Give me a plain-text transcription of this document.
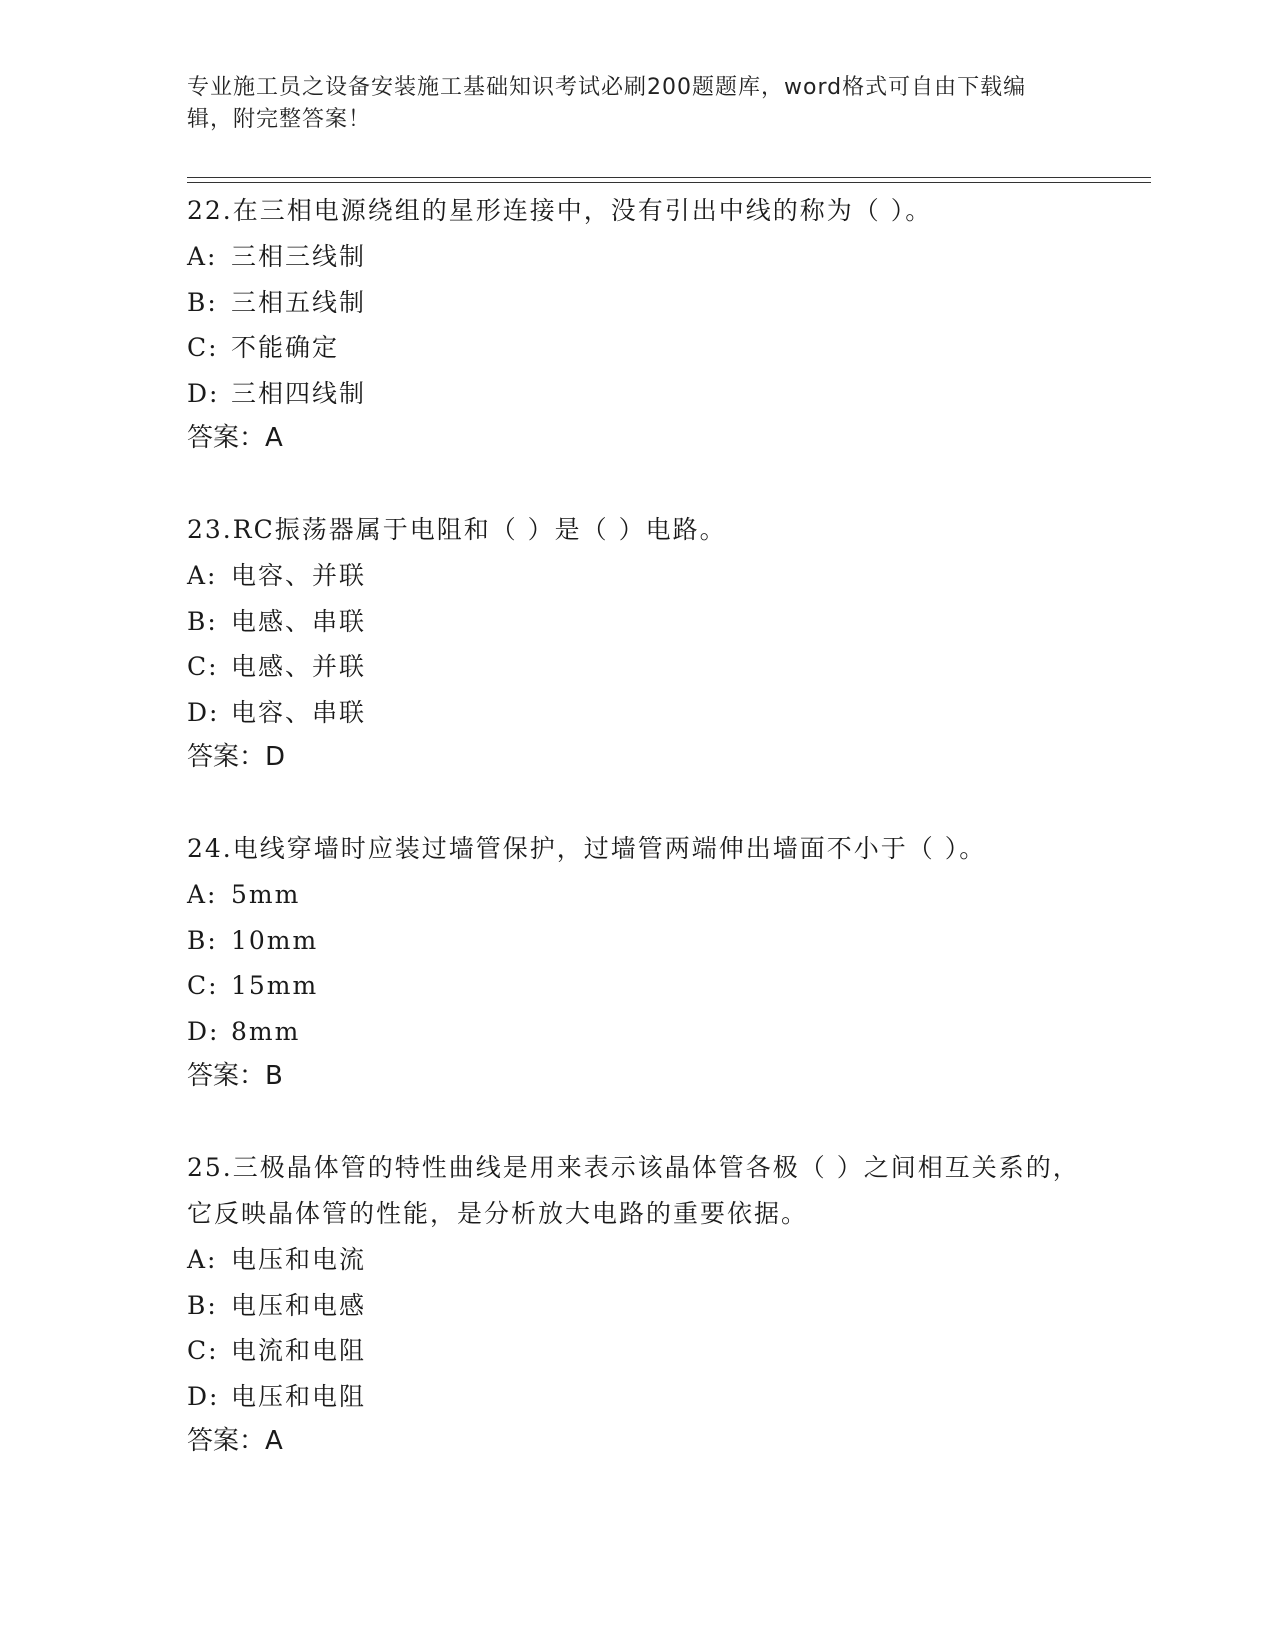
专业施工员之设备安装施工基础知识考试必刷200题题库，word格式可自由下载编辑，附完整答案！
22.在三相电源绕组的星形连接中，没有引出中线的称为（ ）。
A: 三相三线制
B: 三相五线制
C: 不能确定
D: 三相四线制
答案：A
23.RC振荡器属于电阻和（ ）是（ ）电路。
A: 电容、并联
B: 电感、串联
C: 电感、并联
D: 电容、串联
答案：D
24.电线穿墙时应装过墙管保护，过墙管两端伸出墙面不小于（ ）。
A: 5mm
B: 10mm
C: 15mm
D: 8mm
答案：B
25.三极晶体管的特性曲线是用来表示该晶体管各极（ ）之间相互关系的，它反映晶体管的性能，是分析放大电路的重要依据。
A: 电压和电流
B: 电压和电感
C: 电流和电阻
D: 电压和电阻
答案：A
